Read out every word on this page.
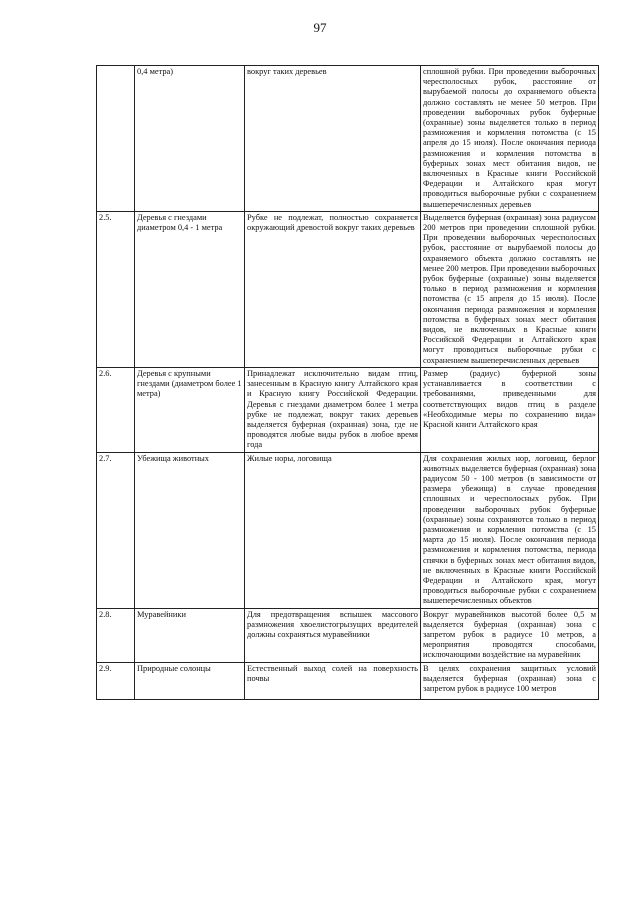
97
	0,4 метра)	вокруг таких деревьев	сплошной рубки. При проведении выборочных чересполосных рубок, расстояние от вырубаемой полосы до охраняемого объекта должно составлять не менее 50 метров. При проведении выборочных рубок буферные (охранные) зоны выделяется только в период размножения и кормления потомства (с 15 апреля до 15 июля). После окончания периода размножения и кормления потомства в буферных зонах мест обитания видов, не включенных в Красные книги Российской Федерации и Алтайского края могут проводиться выборочные рубки с сохранением вышеперечисленных деревьев
2.5.	Деревья с гнездами диаметром 0,4 - 1 метра	Рубке не подлежат, полностью сохраняется окружающий древостой вокруг таких деревьев	Выделяется буферная (охранная) зона радиусом 200 метров при проведении сплошной рубки. При проведении выборочных чересполосных рубок, расстояние от вырубаемой полосы до охраняемого объекта должно составлять не менее 200 метров. При проведении выборочных рубок буферные (охранные) зоны выделяется только в период размножения и кормления потомства (с 15 апреля до 15 июля). После окончания периода размножения и кормления потомства в буферных зонах мест обитания видов, не включенных в Красные книги Российской Федерации и Алтайского края могут проводиться выборочные рубки с сохранением вышеперечисленных деревьев
2.6.	Деревья с крупными гнездами (диаметром более 1 метра)	Принадлежат исключительно видам птиц, занесенным в Красную книгу Алтайского края и Красную книгу Российской Федерации. Деревья с гнездами диаметром более 1 метра рубке не подлежат, вокруг таких деревьев выделяется буферная (охранная) зона, где не проводятся любые виды рубок в любое время года	Размер (радиус) буферной зоны устанавливается в соответствии с требованиями, приведенными для соответствующих видов птиц в разделе «Необходимые меры по сохранению вида» Красной книги Алтайского края
2.7.	Убежища животных	Жилые норы, логовища	Для сохранения жилых нор, логовищ, берлог животных выделяется буферная (охранная) зона радиусом 50 - 100 метров (в зависимости от размера убежища) в случае проведения сплошных и чересполосных рубок. При проведении выборочных рубок буферные (охранные) зоны сохраняются только в период размножения и кормления потомства (с 15 марта до 15 июля). После окончания периода размножения и кормления потомства, периода спячки в буферных зонах мест обитания видов, не включенных в Красные книги Российской Федерации и Алтайского края, могут проводиться выборочные рубки с сохранением вышеперечисленных объектов
2.8.	Муравейники	Для предотвращения вспышек массового размножения хвоелистогрызущих вредителей должны сохраняться муравейники	Вокруг муравейников высотой более 0,5 м выделяется буферная (охранная) зона с запретом рубок в радиусе 10 метров, а мероприятия проводятся способами, исключающими воздействие на муравейник
2.9.	Природные солонцы	Естественный выход солей на поверхность почвы	В целях сохранения защитных условий выделяется буферная (охранная) зона с запретом рубок в радиусе 100 метров
